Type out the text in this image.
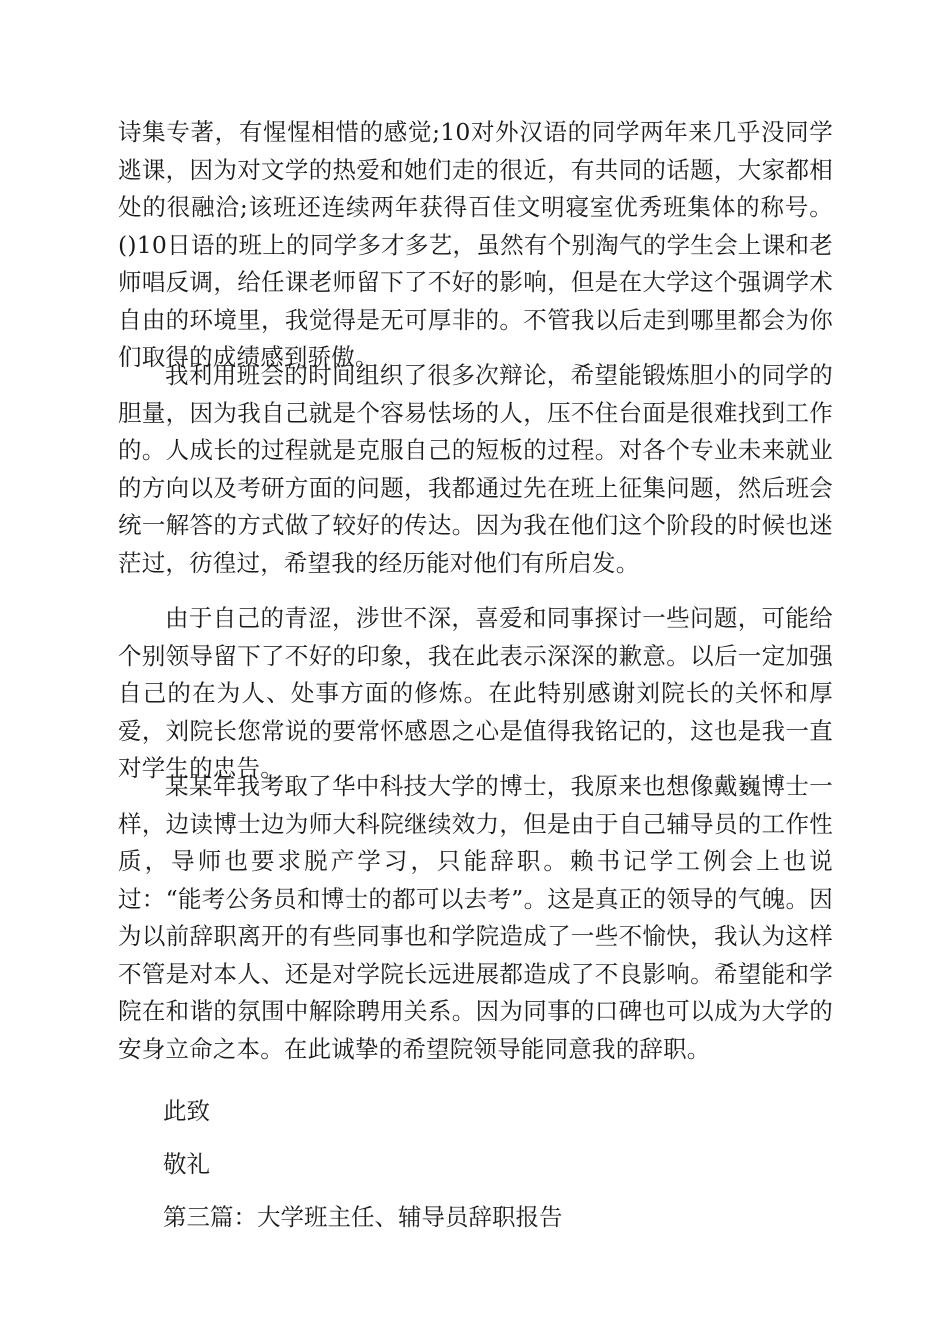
诗集专著，有惺惺相惜的感觉;10对外汉语的同学两年来几乎没同学逃课，因为对文学的热爱和她们走的很近，有共同的话题，大家都相处的很融洽;该班还连续两年获得百佳文明寝室优秀班集体的称号。()10日语的班上的同学多才多艺，虽然有个别淘气的学生会上课和老师唱反调，给任课老师留下了不好的影响，但是在大学这个强调学术自由的环境里，我觉得是无可厚非的。不管我以后走到哪里都会为你们取得的成绩感到骄傲。

我利用班会的时间组织了很多次辩论，希望能锻炼胆小的同学的胆量，因为我自己就是个容易怯场的人，压不住台面是很难找到工作的。人成长的过程就是克服自己的短板的过程。对各个专业未来就业的方向以及考研方面的问题，我都通过先在班上征集问题，然后班会统一解答的方式做了较好的传达。因为我在他们这个阶段的时候也迷茫过，彷徨过，希望我的经历能对他们有所启发。

由于自己的青涩，涉世不深，喜爱和同事探讨一些问题，可能给个别领导留下了不好的印象，我在此表示深深的歉意。以后一定加强自己的在为人、处事方面的修炼。在此特别感谢刘院长的关怀和厚爱，刘院长您常说的要常怀感恩之心是值得我铭记的，这也是我一直对学生的忠告。

某某年我考取了华中科技大学的博士，我原来也想像戴巍博士一样，边读博士边为师大科院继续效力，但是由于自己辅导员的工作性质，导师也要求脱产学习，只能辞职。赖书记学工例会上也说过：“能考公务员和博士的都可以去考”。这是真正的领导的气魄。因为以前辞职离开的有些同事也和学院造成了一些不愉快，我认为这样不管是对本人、还是对学院长远进展都造成了不良影响。希望能和学院在和谐的氛围中解除聘用关系。因为同事的口碑也可以成为大学的安身立命之本。在此诚挚的希望院领导能同意我的辞职。

此致

敬礼

第三篇：大学班主任、辅导员辞职报告
